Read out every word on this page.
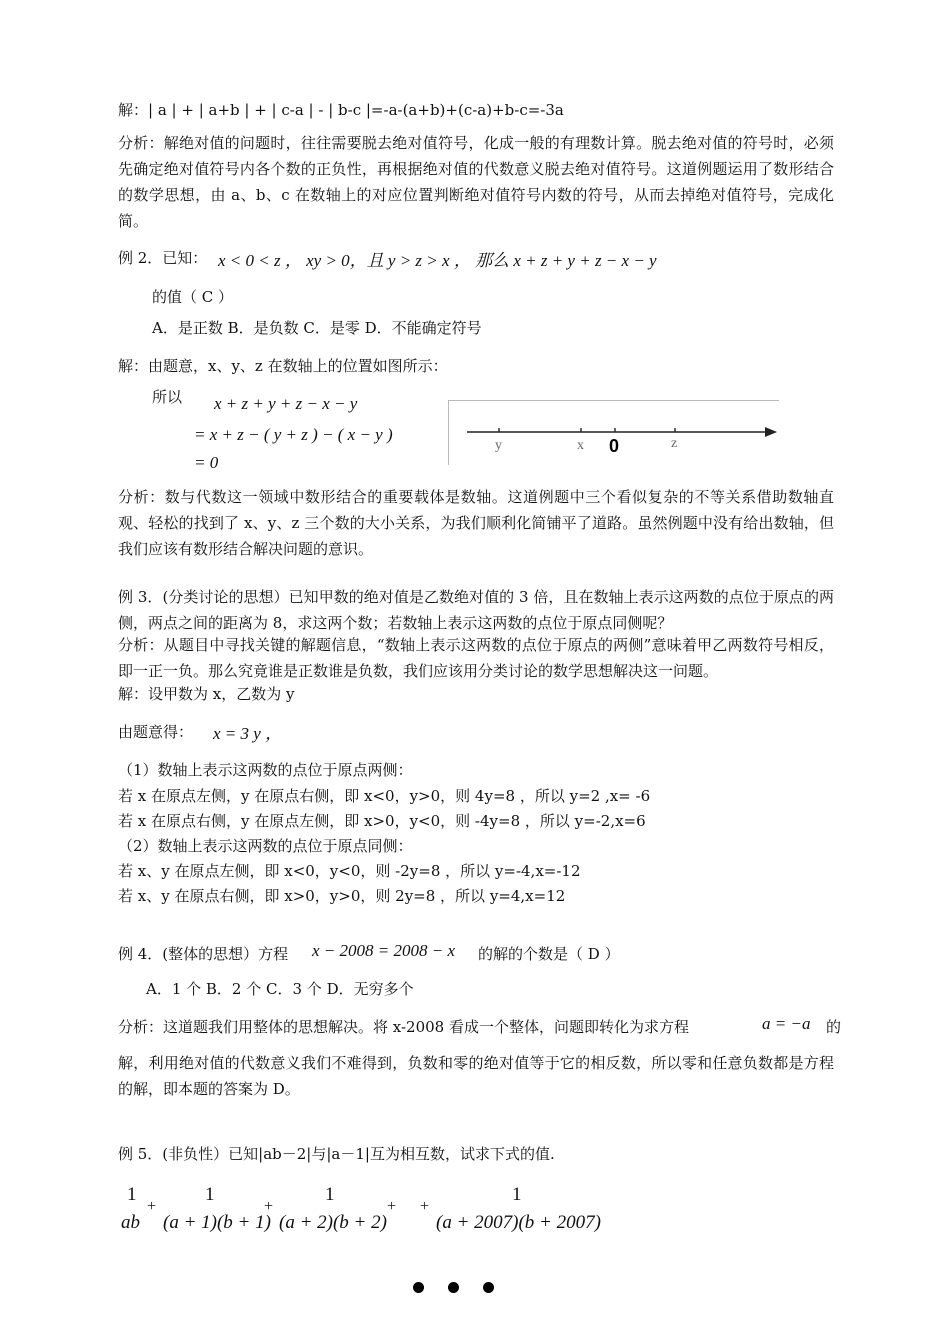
解：| a | + | a+b | + | c-a | - | b-c |=-a-(a+b)+(c-a)+b-c=-3a
分析：解绝对值的问题时，往往需要脱去绝对值符号，化成一般的有理数计算。脱去绝对值的符号时，必须先确定绝对值符号内各个数的正负性，再根据绝对值的代数意义脱去绝对值符号。这道例题运用了数形结合的数学思想，由 a、b、c 在数轴上的对应位置判断绝对值符号内数的符号，从而去掉绝对值符号，完成化简。
例 2．已知： x < 0 < z ， xy > 0，且 y > z > x ， 那么 x + z + y + z − x − y
的值（ C ）
A．是正数 B．是负数 C．是零 D．不能确定符号
解：由题意，x、y、z 在数轴上的位置如图所示：
所以 x + z + y + z − x − y
= x + z − ( y + z ) − ( x − y )
= 0
y	x 0	z
分析：数与代数这一领域中数形结合的重要载体是数轴。这道例题中三个看似复杂的不等关系借助数轴直观、轻松的找到了 x、y、z 三个数的大小关系，为我们顺利化简铺平了道路。虽然例题中没有给出数轴，但我们应该有数形结合解决问题的意识。
例 3．(分类讨论的思想）已知甲数的绝对值是乙数绝对值的 3 倍，且在数轴上表示这两数的点位于原点的两侧，两点之间的距离为 8，求这两个数；若数轴上表示这两数的点位于原点同侧呢？
分析：从题目中寻找关键的解题信息，“数轴上表示这两数的点位于原点的两侧”意味着甲乙两数符号相反，即一正一负。那么究竟谁是正数谁是负数，我们应该用分类讨论的数学思想解决这一问题。
解：设甲数为 x，乙数为 y
由题意得： x = 3 y ，
（1）数轴上表示这两数的点位于原点两侧：
若 x 在原点左侧，y 在原点右侧，即 x<0，y>0，则 4y=8 ，所以 y=2 ,x= -6
若 x 在原点右侧，y 在原点左侧，即 x>0，y<0，则 -4y=8 ，所以 y=-2,x=6
（2）数轴上表示这两数的点位于原点同侧：
若 x、y 在原点左侧，即 x<0，y<0，则 -2y=8 ，所以 y=-4,x=-12
若 x、y 在原点右侧，即 x>0，y>0，则 2y=8 ，所以 y=4,x=12
例 4．(整体的思想）方程 x − 2008 = 2008 − x 的解的个数是（ D ）
A．1 个 B．2 个 C．3 个 D．无穷多个
分析：这道题我们用整体的思想解决。将 x-2008 看成一个整体，问题即转化为求方程	a = −a 的
解，利用绝对值的代数意义我们不难得到，负数和零的绝对值等于它的相反数，所以零和任意负数都是方程的解，即本题的答案为 D。
例 5．(非负性）已知|ab－2|与|a－1|互为相互数，试求下式的值.
1
ab
+
1
(a + 1)(b + 1)
+
1
(a + 2)(b + 2)
+ +
1
(a + 2007)(b + 2007)
